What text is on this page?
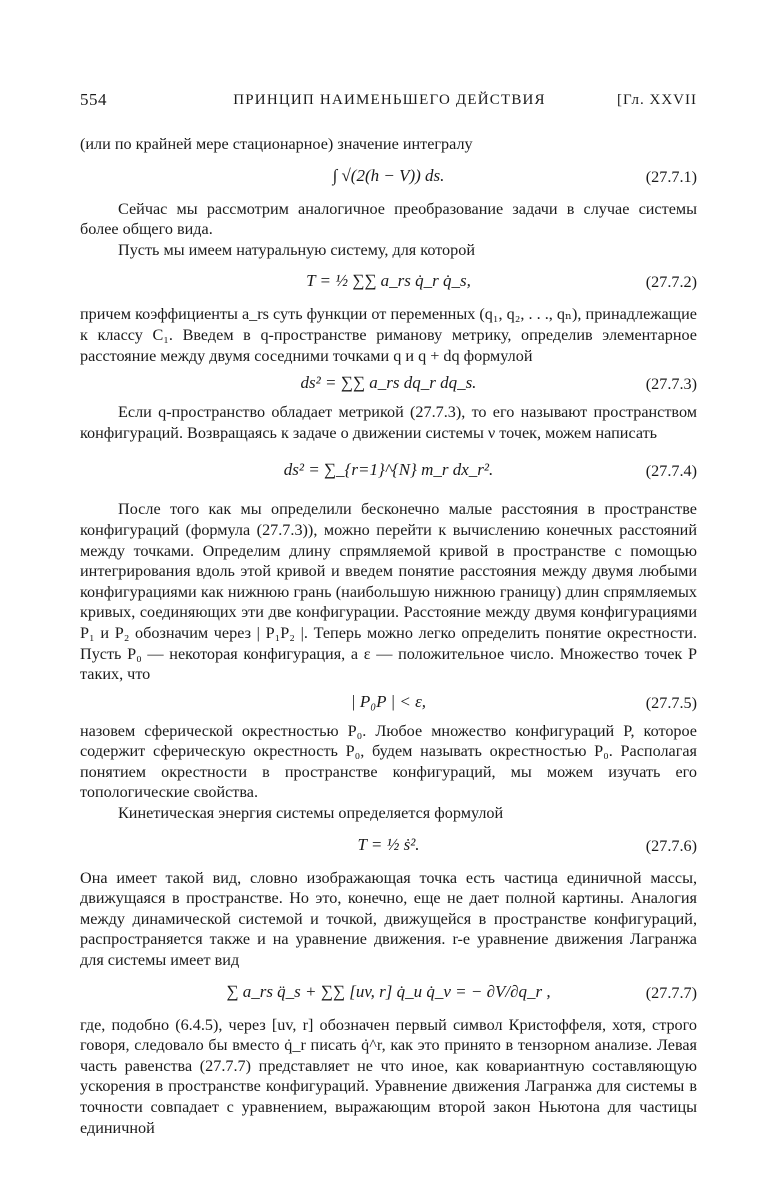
554	ПРИНЦИП НАИМЕНЬШЕГО ДЕЙСТВИЯ	[Гл. XXVII

(или по крайней мере стационарное) значение интегралу

∫ √(2(h − V)) ds.	(27.7.1)

Сейчас мы рассмотрим аналогичное преобразование задачи в случае системы более общего вида.

Пусть мы имеем натуральную систему, для которой

T = ½ ∑∑ a_rs q̇_r q̇_s,	(27.7.2)

причем коэффициенты a_rs суть функции от переменных (q₁, q₂, . . ., qₙ), принадлежащие к классу C₁. Введем в q-пространстве риманову метрику, определив элементарное расстояние между двумя соседними точками q и q + dq формулой

ds² = ∑∑ a_rs dq_r dq_s.	(27.7.3)

Если q-пространство обладает метрикой (27.7.3), то его называют пространством конфигураций. Возвращаясь к задаче о движении системы ν точек, можем написать

ds² = ∑_{r=1}^{N} m_r dx_r².	(27.7.4)

После того как мы определили бесконечно малые расстояния в пространстве конфигураций (формула (27.7.3)), можно перейти к вычислению конечных расстояний между точками. Определим длину спрямляемой кривой в пространстве с помощью интегрирования вдоль этой кривой и введем понятие расстояния между двумя любыми конфигурациями как нижнюю грань (наибольшую нижнюю границу) длин спрямляемых кривых, соединяющих эти две конфигурации. Расстояние между двумя конфигурациями P₁ и P₂ обозначим через | P₁P₂ |. Теперь можно легко определить понятие окрестности. Пусть P₀ — некоторая конфигурация, а ε — положительное число. Множество точек P таких, что

| P₀P | < ε,	(27.7.5)

назовем сферической окрестностью P₀. Любое множество конфигураций P, которое содержит сферическую окрестность P₀, будем называть окрестностью P₀. Располагая понятием окрестности в пространстве конфигураций, мы можем изучать его топологические свойства.

Кинетическая энергия системы определяется формулой

T = ½ ṡ².	(27.7.6)

Она имеет такой вид, словно изображающая точка есть частица единичной массы, движущаяся в пространстве. Но это, конечно, еще не дает полной картины. Аналогия между динамической системой и точкой, движущейся в пространстве конфигураций, распространяется также и на уравнение движения. r-е уравнение движения Лагранжа для системы имеет вид

∑ a_rs q̈_s + ∑∑ [uv, r] q̇_u q̇_v = − ∂V/∂q_r ,	(27.7.7)

где, подобно (6.4.5), через [uv, r] обозначен первый символ Кристоффеля, хотя, строго говоря, следовало бы вместо q̇_r писать q̇^r, как это принято в тензорном анализе. Левая часть равенства (27.7.7) представляет не что иное, как ковариантную составляющую ускорения в пространстве конфигураций. Уравнение движения Лагранжа для системы в точности совпадает с уравнением, выражающим второй закон Ньютона для частицы единичной
